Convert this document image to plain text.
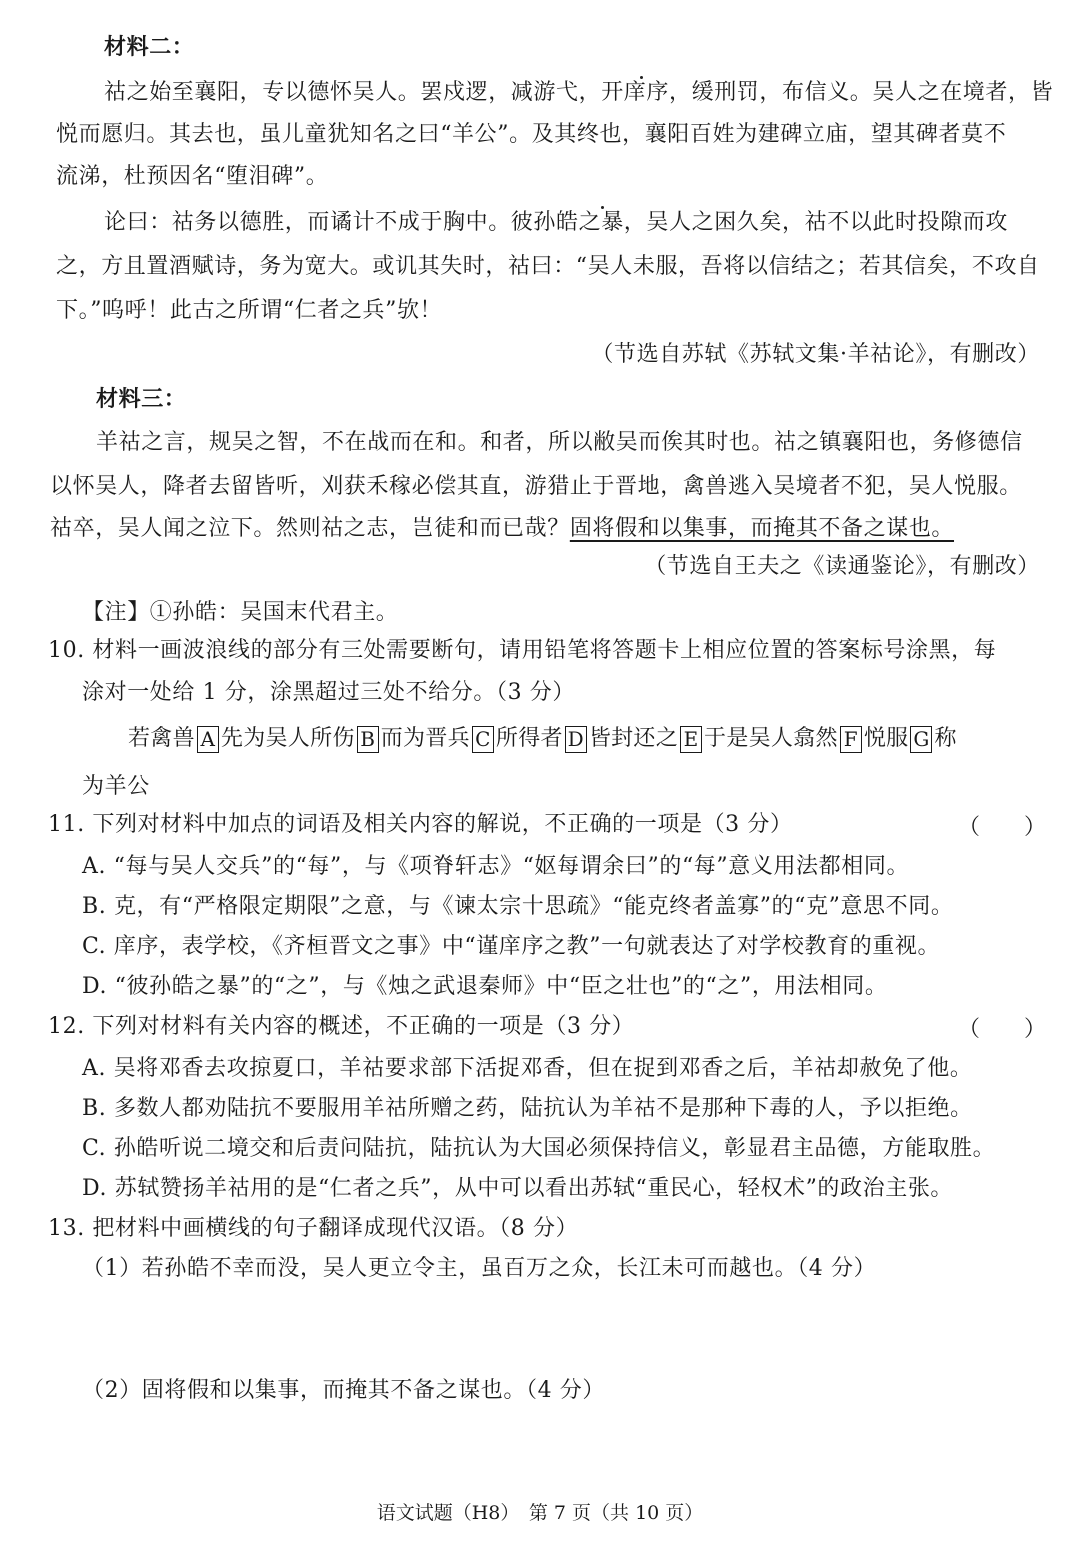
材料二：
祜之始至襄阳，专以德怀吴人。罢戍逻，减游弋，开庠序，缓刑罚，布信义。吴人之在境者，皆
悦而愿归。其去也，虽儿童犹知名之曰“羊公”。及其终也，襄阳百姓为建碑立庙，望其碑者莫不
流涕，杜预因名“堕泪碑”。
论曰：祜务以德胜，而谲计不成于胸中。彼孙皓之暴，吴人之困久矣，祜不以此时投隙而攻
之，方且置酒赋诗，务为宽大。或讥其失时，祜曰：“吴人未服，吾将以信结之；若其信矣，不攻自
下。”呜呼！此古之所谓“仁者之兵”欤！
（节选自苏轼《苏轼文集·羊祜论》，有删改）
材料三：
羊祜之言，规吴之智，不在战而在和。和者，所以敝吴而俟其时也。祜之镇襄阳也，务修德信
以怀吴人，降者去留皆听，刈获禾稼必偿其直，游猎止于晋地，禽兽逃入吴境者不犯，吴人悦服。
祜卒，吴人闻之泣下。然则祜之志，岂徒和而已哉？固将假和以集事，而掩其不备之谋也。
（节选自王夫之《读通鉴论》，有删改）
【注】①孙皓：吴国末代君主。
10. 材料一画波浪线的部分有三处需要断句，请用铅笔将答题卡上相应位置的答案标号涂黑，每
涂对一处给 1 分，涂黑超过三处不给分。（3 分）
若禽兽 A 先为吴人所伤 B 而为晋兵 C 所得者 D 皆封还之 E 于是吴人翕然 F 悦服 G 称
为羊公
11. 下列对材料中加点的词语及相关内容的解说，不正确的一项是（3 分）	（　　）
A. “每与吴人交兵”的“每”，与《项脊轩志》“妪每谓余曰”的“每”意义用法都相同。
B. 克，有“严格限定期限”之意，与《谏太宗十思疏》“能克终者盖寡”的“克”意思不同。
C. 庠序，表学校，《齐桓晋文之事》中“谨庠序之教”一句就表达了对学校教育的重视。
D. “彼孙皓之暴”的“之”，与《烛之武退秦师》中“臣之壮也”的“之”，用法相同。
12. 下列对材料有关内容的概述，不正确的一项是（3 分）	（　　）
A. 吴将邓香去攻掠夏口，羊祜要求部下活捉邓香，但在捉到邓香之后，羊祜却赦免了他。
B. 多数人都劝陆抗不要服用羊祜所赠之药，陆抗认为羊祜不是那种下毒的人，予以拒绝。
C. 孙皓听说二境交和后责问陆抗，陆抗认为大国必须保持信义，彰显君主品德，方能取胜。
D. 苏轼赞扬羊祜用的是“仁者之兵”，从中可以看出苏轼“重民心，轻权术”的政治主张。
13. 把材料中画横线的句子翻译成现代汉语。（8 分）
（1）若孙皓不幸而没，吴人更立令主，虽百万之众，长江未可而越也。（4 分）
（2）固将假和以集事，而掩其不备之谋也。（4 分）
语文试题（H8）　第 7 页（共 10 页）
